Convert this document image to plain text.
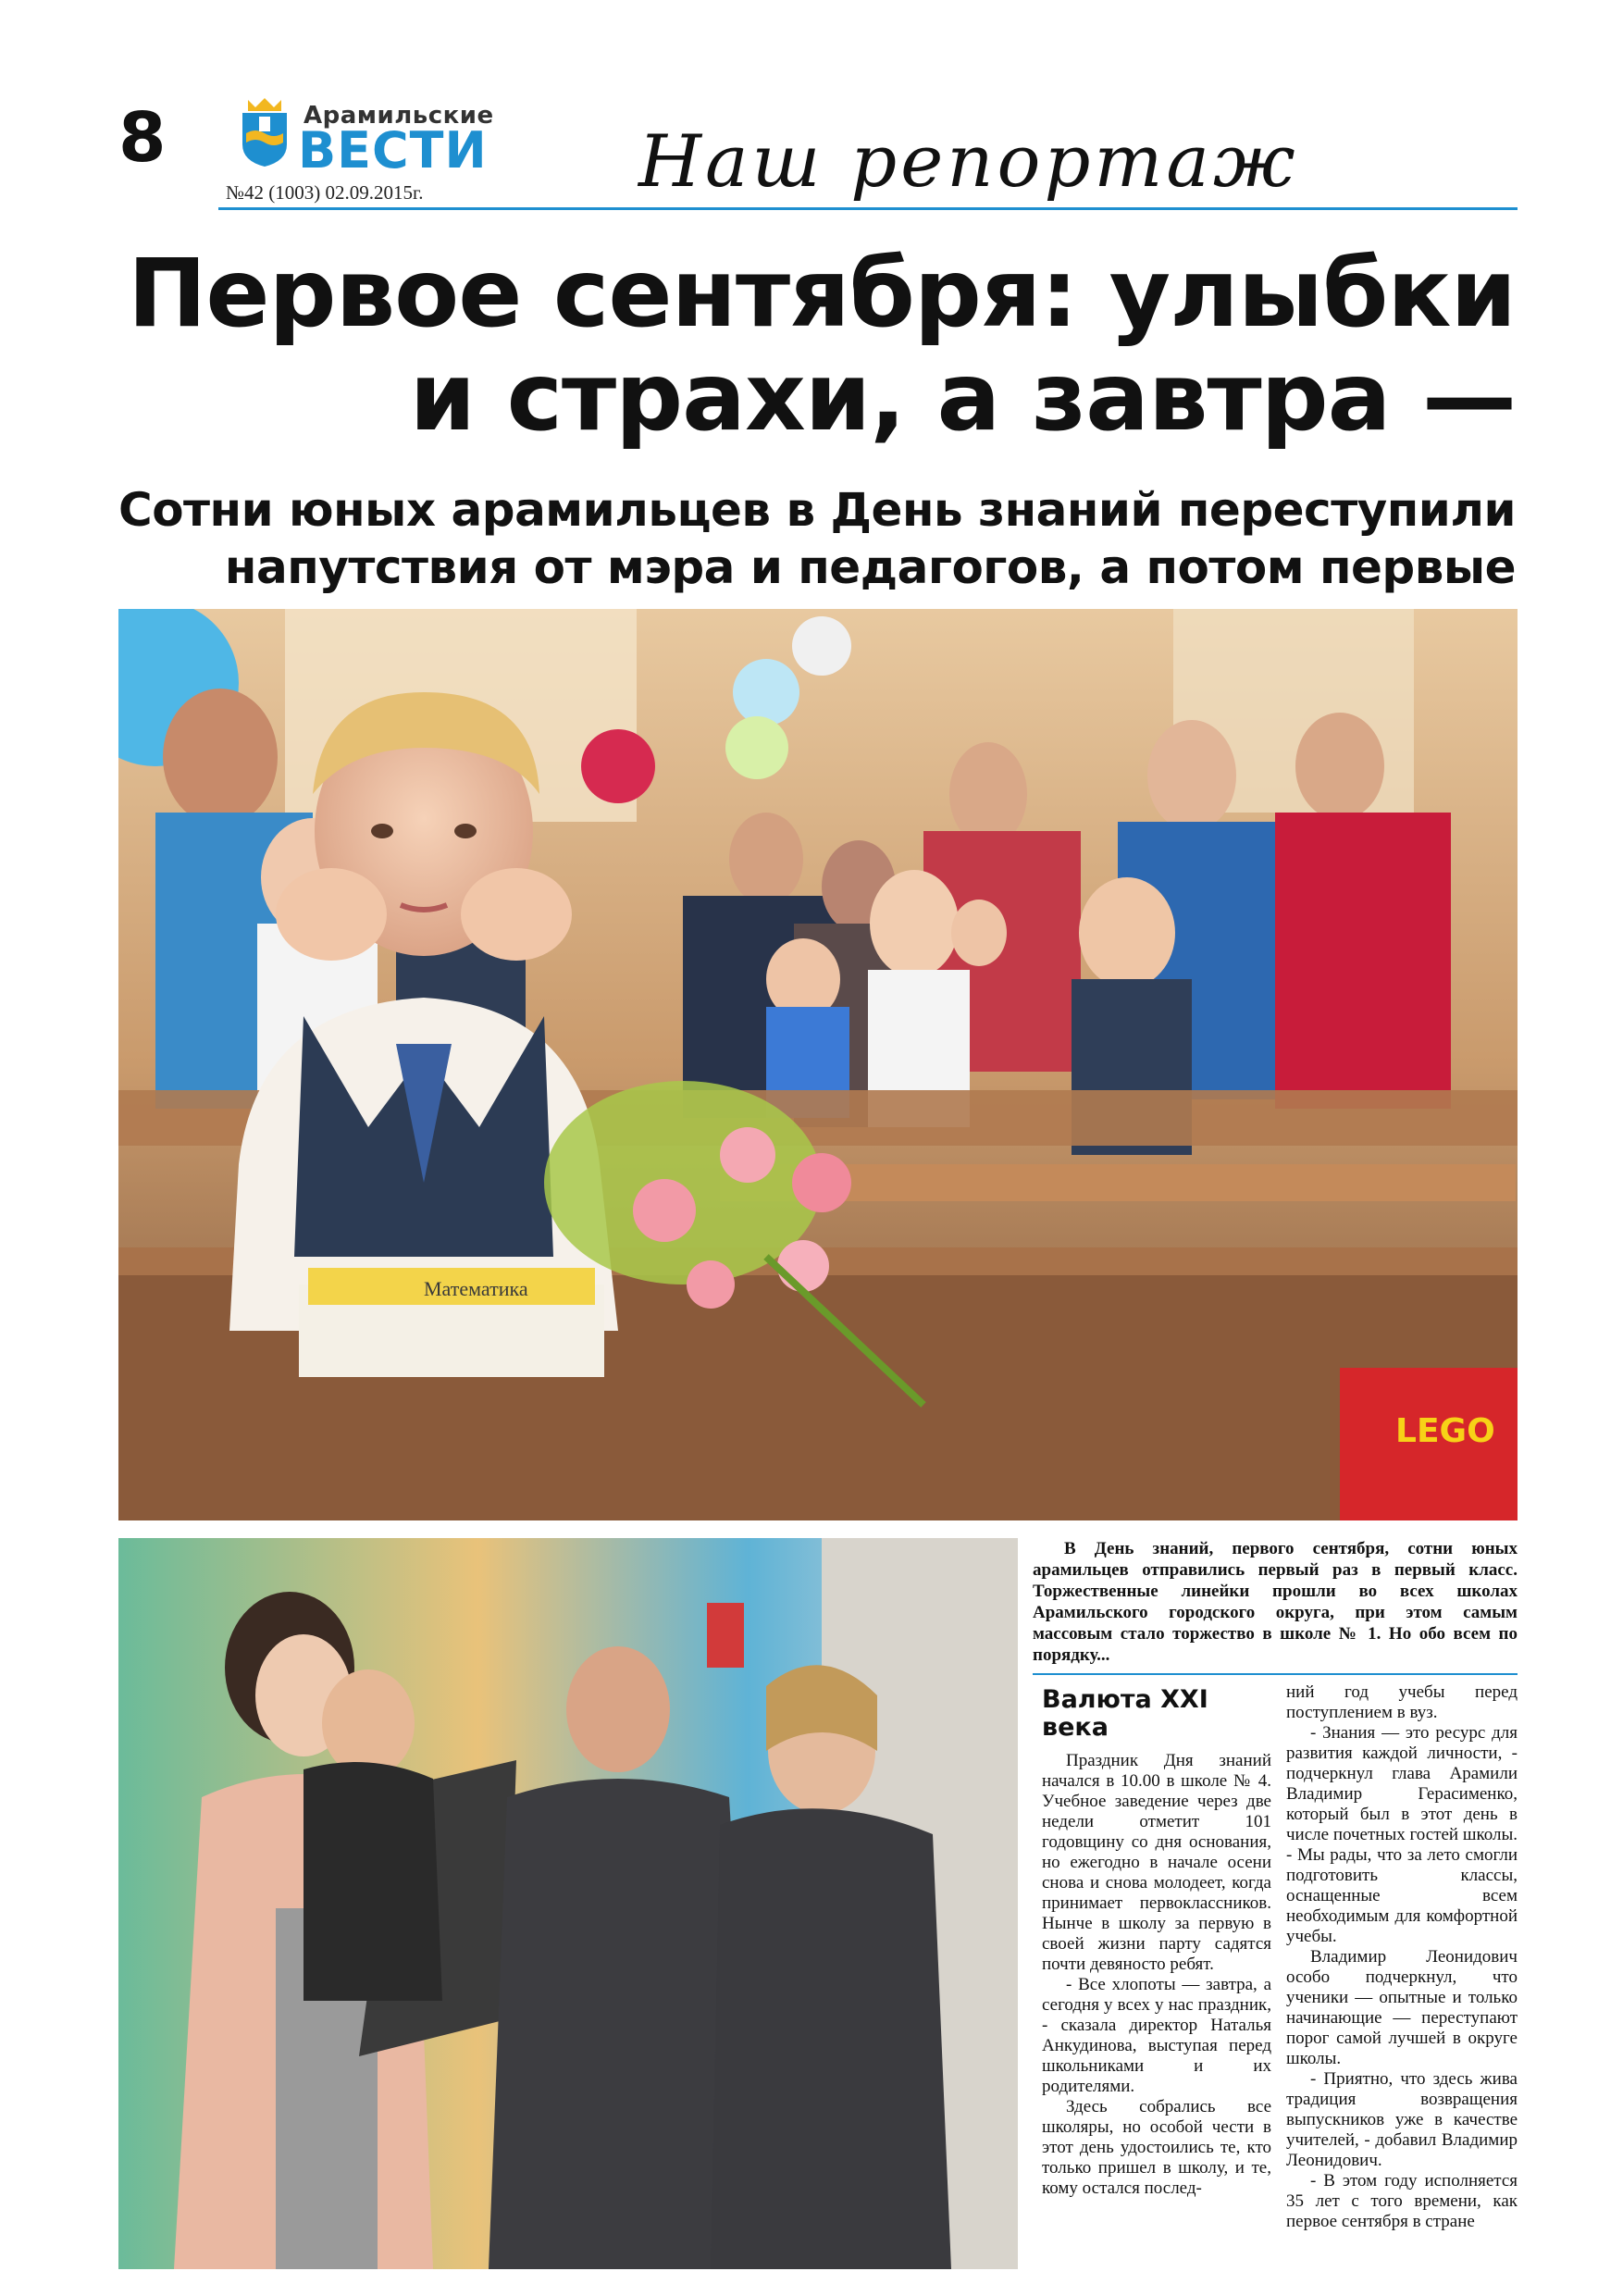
8	Арамильские
ВЕСТИ
№42 (1003) 02.09.2015г.	Наш репортаж
Первое сентября: улыбки
и страхи, а завтра —
Сотни юных арамильцев в День знаний переступили
напутствия от мэра и педагогов, а потом первые
Математика
LEGO
В День знаний, первого сентября, сотни юных арамильцев отправились первый раз в первый класс. Торжественные линейки прошли во всех школах Арамильского городского округа, при этом самым массовым стало торжество в школе № 1. Но обо всем по порядку...
Валюта XXI века

Праздник Дня знаний начался в 10.00 в школе № 4. Учебное заведение через две недели отметит 101 годовщину со дня основания, но ежегодно в начале осени снова и снова молодеет, когда принимает первоклассников. Нынче в школу за первую в своей жизни парту садятся почти девяносто ребят.

- Все хлопоты — завтра, а сегодня у всех у нас праздник, - сказала директор Наталья Анкудинова, выступая перед школьниками и их родителями.

Здесь собрались все школяры, но особой чести в этот день удостоились те, кто только пришел в школу, и те, кому остался послед-

ний год учебы перед поступлением в вуз.

- Знания — это ресурс для развития каждой личности, - подчеркнул глава Арамили Владимир Герасименко, который был в этот день в числе почетных гостей школы. - Мы рады, что за лето смогли подготовить классы, оснащенные всем необходимым для комфортной учебы.

Владимир Леонидович особо подчеркнул, что ученики — опытные и только начинающие — переступают порог самой лучшей в округе школы.

- Приятно, что здесь жива традиция возвращения выпускников уже в качестве учителей, - добавил Владимир Леонидович.

- В этом году исполняется 35 лет с того времени, как первое сентября в стране
